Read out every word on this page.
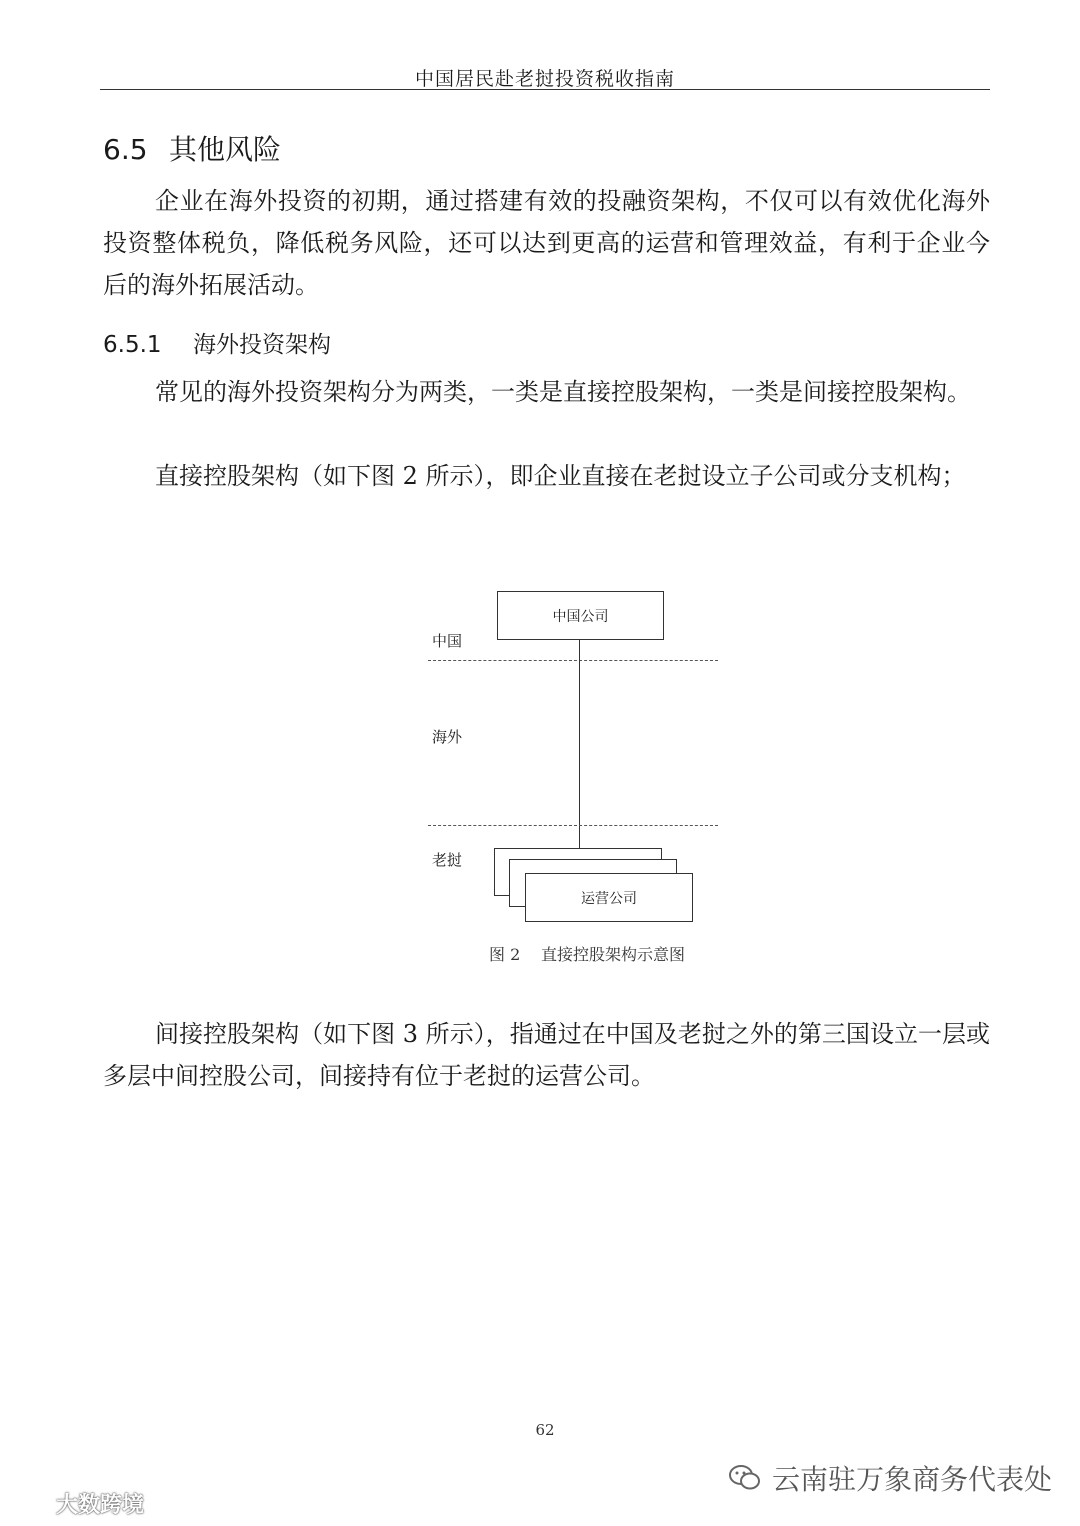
中国居民赴老挝投资税收指南
6.5 其他风险

企业在海外投资的初期，通过搭建有效的投融资架构，不仅可以有效优化海外投资整体税负，降低税务风险，还可以达到更高的运营和管理效益，有利于企业今后的海外拓展活动。

6.5.1 海外投资架构

常见的海外投资架构分为两类，一类是直接控股架构，一类是间接控股架构。

直接控股架构（如下图 2 所示），即企业直接在老挝设立子公司或分支机构；

中国公司
中国
海外
老挝
运营公司
图 2 直接控股架构示意图

间接控股架构（如下图 3 所示），指通过在中国及老挝之外的第三国设立一层或多层中间控股公司，间接持有位于老挝的运营公司。

62
云南驻万象商务代表处
大数跨境
